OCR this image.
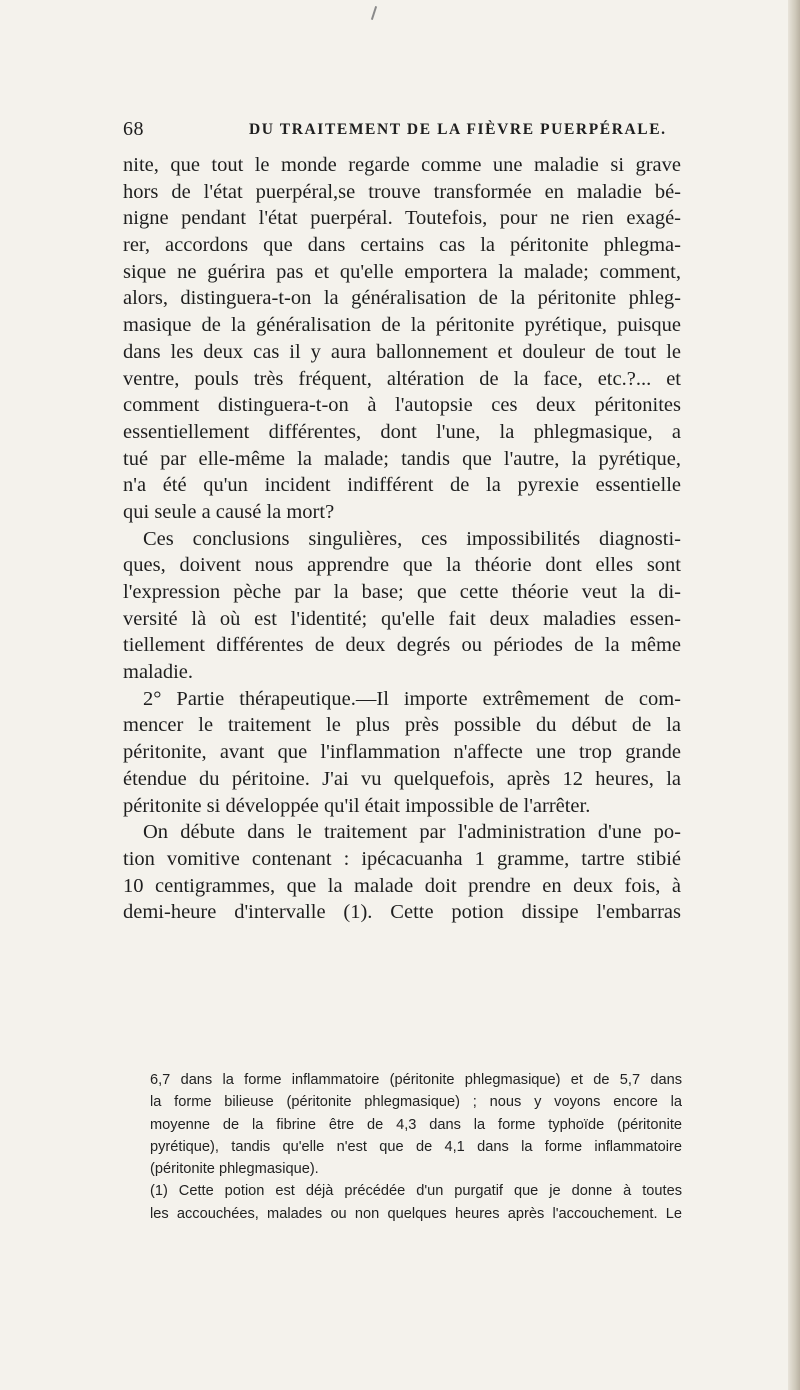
68	DU TRAITEMENT DE LA FIÈVRE PUERPÉRALE.
nite, que tout le monde regarde comme une maladie si grave
hors de l'état puerpéral,se trouve transformée en maladie bé-
nigne pendant l'état puerpéral. Toutefois, pour ne rien exagé-
rer, accordons que dans certains cas la péritonite phlegma-
sique ne guérira pas et qu'elle emportera la malade; comment,
alors, distinguera-t-on la généralisation de la péritonite phleg-
masique de la généralisation de la péritonite pyrétique, puisque
dans les deux cas il y aura ballonnement et douleur de tout le
ventre, pouls très fréquent, altération de la face, etc.?... et
comment distinguera-t-on à l'autopsie ces deux péritonites
essentiellement différentes, dont l'une, la phlegmasique, a
tué par elle-même la malade; tandis que l'autre, la pyrétique,
n'a été qu'un incident indifférent de la pyrexie essentielle
qui seule a causé la mort?
Ces conclusions singulières, ces impossibilités diagnosti-
ques, doivent nous apprendre que la théorie dont elles sont
l'expression pèche par la base; que cette théorie veut la di-
versité là où est l'identité; qu'elle fait deux maladies essen-
tiellement différentes de deux degrés ou périodes de la même
maladie.
2° Partie thérapeutique.—Il importe extrêmement de com-
mencer le traitement le plus près possible du début de la
péritonite, avant que l'inflammation n'affecte une trop grande
étendue du péritoine. J'ai vu quelquefois, après 12 heures, la
péritonite si développée qu'il était impossible de l'arrêter.
On débute dans le traitement par l'administration d'une po-
tion vomitive contenant : ipécacuanha 1 gramme, tartre stibié
10 centigrammes, que la malade doit prendre en deux fois, à
demi-heure d'intervalle (1). Cette potion dissipe l'embarras
6,7 dans la forme inflammatoire (péritonite phlegmasique) et de 5,7 dans
la forme bilieuse (péritonite phlegmasique) ; nous y voyons encore la
moyenne de la fibrine être de 4,3 dans la forme typhoïde (péritonite
pyrétique), tandis qu'elle n'est que de 4,1 dans la forme inflammatoire
(péritonite phlegmasique).
(1) Cette potion est déjà précédée d'un purgatif que je donne à toutes
les accouchées, malades ou non quelques heures après l'accouchement. Le
